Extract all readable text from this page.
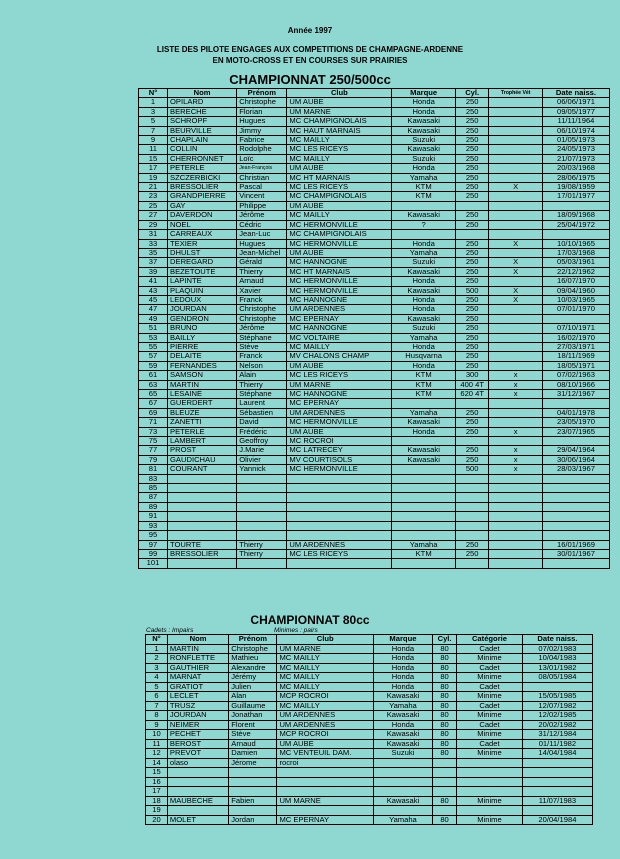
Année 1997
LISTE DES PILOTE ENGAGES AUX COMPETITIONS DE CHAMPAGNE-ARDENNE
EN MOTO-CROSS ET EN COURSES SUR PRAIRIES
CHAMPIONNAT 250/500cc
N°	Nom	Prénom	Club	Marque	Cyl.	Trophée Vét	Date naiss.
1	OPILARD	Christophe	UM AUBE	Honda	250		06/06/1971
3	BERECHE	Florian	UM MARNE	Honda	250		09/05/1977
5	SCHROPF	Hugues	MC CHAMPIGNOLAIS	Kawasaki	250		11/11/1964
7	BEURVILLE	Jimmy	MC HAUT MARNAIS	Kawasaki	250		06/10/1974
9	CHAPLAIN	Fabrice	MC MAILLY	Suzuki	250		01/05/1973
11	COLLIN	Rodolphe	MC LES RICEYS	Kawasaki	250		24/05/1973
15	CHERRONNET	Loïc	MC MAILLY	Suzuki	250		21/07/1973
17	PETERLE	Jean-François	UM AUBE	Honda	250		20/03/1968
19	SZCZERBICKI	Christian	MC HT MARNAIS	Yamaha	250		28/06/1975
21	BRESSOLIER	Pascal	MC LES RICEYS	KTM	250	X	19/08/1959
23	GRANDPIERRE	Vincent	MC CHAMPIGNOLAIS	KTM	250		17/01/1977
25	GAY	Philippe	UM AUBE				
27	DAVERDON	Jérôme	MC MAILLY	Kawasaki	250		18/09/1968
29	NOEL	Cédric	MC HERMONVILLE	?	250		25/04/1972
31	CARREAUX	Jean-Luc	MC CHAMPIGNOLAIS				
33	TEXIER	Hugues	MC HERMONVILLE	Honda	250	X	10/10/1965
35	DHULST	Jean-Michel	UM AUBE	Yamaha	250		17/03/1968
37	DEREGARD	Gérald	MC HANNOGNE	Suzuki	250	X	05/03/1961
39	BEZETOUTE	Thierry	MC HT MARNAIS	Kawasaki	250	X	22/12/1962
41	LAPINTE	Arnaud	MC HERMONVILLE	Honda	250		16/07/1970
43	PLAQUIN	Xavier	MC HERMONVILLE	Kawasaki	500	X	09/04/1960
45	LEDOUX	Franck	MC HANNOGNE	Honda	250	X	10/03/1965
47	JOURDAN	Christophe	UM ARDENNES	Honda	250		07/01/1970
49	GENDRON	Christophe	MC EPERNAY	Kawasaki	250		
51	BRUNO	Jérôme	MC HANNOGNE	Suzuki	250		07/10/1971
53	BAILLY	Stéphane	MC VOLTAIRE	Yamaha	250		16/02/1970
55	PIERRE	Stève	MC MAILLY	Honda	250		27/03/1971
57	DELAITE	Franck	MV CHALONS CHAMP	Husqvarna	250		18/11/1969
59	FERNANDES	Nelson	UM AUBE	Honda	250		18/05/1971
61	SAMSON	Alain	MC LES RICEYS	KTM	300	x	07/02/1963
63	MARTIN	Thierry	UM MARNE	KTM	400 4T	x	08/10/1966
65	LESAINE	Stéphane	MC HANNOGNE	KTM	620 4T	x	31/12/1967
67	GUERDERT	Laurent	MC EPERNAY				
69	BLEUZE	Sébastien	UM ARDENNES	Yamaha	250		04/01/1978
71	ZANETTI	David	MC HERMONVILLE	Kawasaki	250		23/05/1970
73	PETERLE	Frédéric	UM AUBE	Honda	250	x	23/07/1965
75	LAMBERT	Geoffroy	MC ROCROI				
77	PROST	J.Marie	MC LATRECEY	Kawasaki	250	x	29/04/1964
79	GAUDICHAU	Olivier	MV COURTISOLS	Kawasaki	250	x	30/06/1964
81	COURANT	Yannick	MC HERMONVILLE		500	x	28/03/1967
83							
85							
87							
89							
91							
93							
95							
97	TOURTE	Thierry	UM ARDENNES	Yamaha	250		16/01/1969
99	BRESSOLIER	Thierry	MC LES RICEYS	KTM	250		30/01/1967
101							
CHAMPIONNAT 80cc
Cadets : Impairs	Minimes : pairs
N°	Nom	Prénom	Club	Marque	Cyl.	Catégorie	Date naiss.
1	MARTIN	Christophe	UM MARNE	Honda	80	Cadet	07/02/1983
2	RONFLETTE	Mathieu	MC MAILLY	Honda	80	Minime	10/04/1983
3	GAUTHIER	Alexandre	MC MAILLY	Honda	80	Cadet	13/01/1982
4	MARNAT	Jérémy	MC MAILLY	Honda	80	Minime	08/05/1984
5	GRATIOT	Julien	MC MAILLY	Honda	80	Cadet	
6	LECLET	Alan	MCP ROCROI	Kawasaki	80	Minime	15/05/1985
7	TRUSZ	Guillaume	MC MAILLY	Yamaha	80	Cadet	12/07/1982
8	JOURDAN	Jonathan	UM ARDENNES	Kawasaki	80	Minime	12/02/1985
9	NEIMER	Florent	UM ARDENNES	Honda	80	Cadet	20/02/1982
10	PECHET	Stève	MCP ROCROI	Kawasaki	80	Minime	31/12/1984
11	BEROST	Arnaud	UM AUBE	Kawasaki	80	Cadet	01/11/1982
12	PREVOT	Damien	MC VENTEUIL DAM.	Suzuki	80	Minime	14/04/1984
14	olaso	Jérome	rocroi				
15							
16							
17							
18	MAUBECHE	Fabien	UM MARNE	Kawasaki	80	Minime	11/07/1983
19							
20	MOLET	Jordan	MC EPERNAY	Yamaha	80	Minime	20/04/1984
